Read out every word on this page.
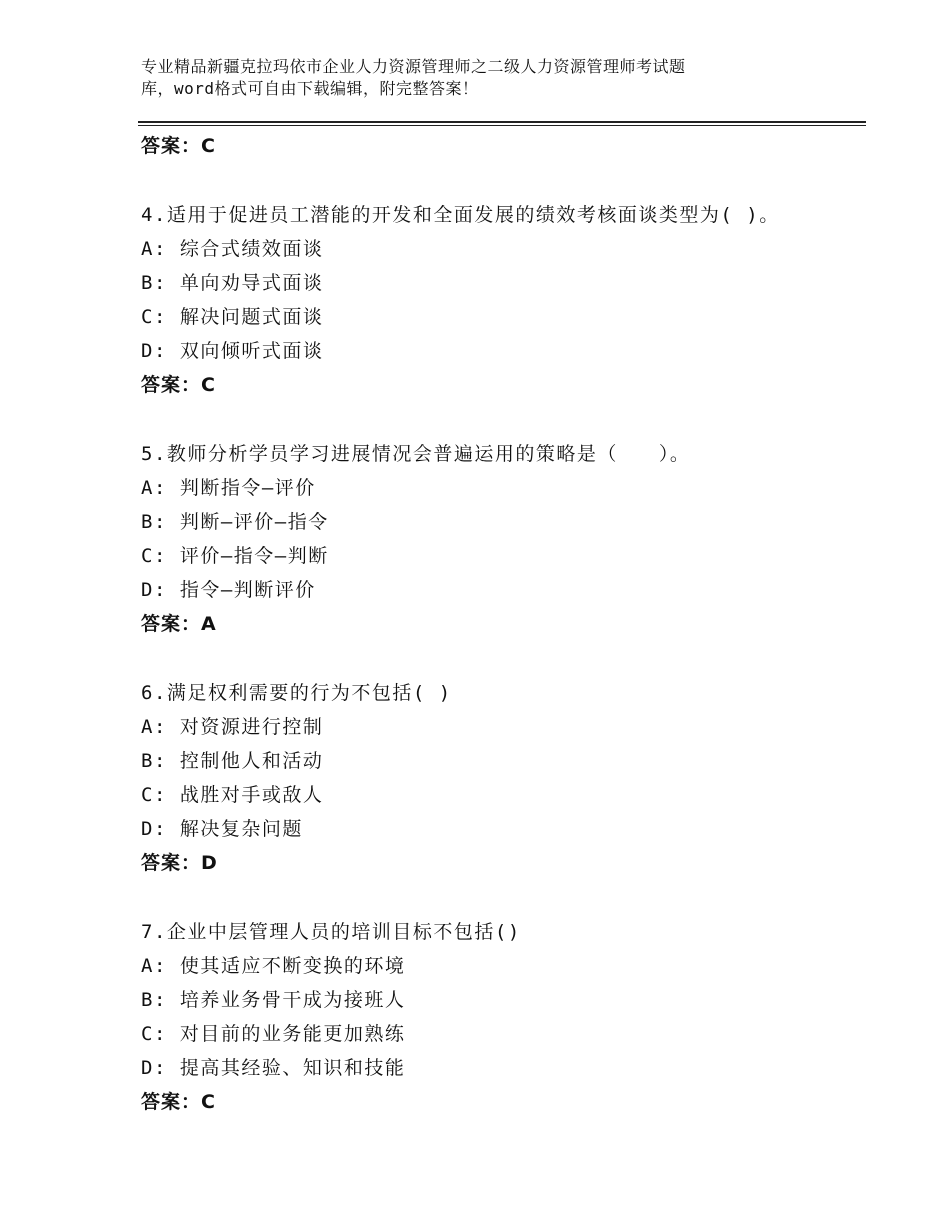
专业精品新疆克拉玛依市企业人力资源管理师之二级人力资源管理师考试题
库，word格式可自由下载编辑，附完整答案！
答案：C
4.适用于促进员工潜能的开发和全面发展的绩效考核面谈类型为( )。
A: 综合式绩效面谈
B: 单向劝导式面谈
C: 解决问题式面谈
D: 双向倾听式面谈
答案：C
5.教师分析学员学习进展情况会普遍运用的策略是（　　）。
A: 判断指令—评价
B: 判断—评价—指令
C: 评价—指令—判断
D: 指令—判断评价
答案：A
6.满足权利需要的行为不包括( )
A: 对资源进行控制
B: 控制他人和活动
C: 战胜对手或敌人
D: 解决复杂问题
答案：D
7.企业中层管理人员的培训目标不包括()
A: 使其适应不断变换的环境
B: 培养业务骨干成为接班人
C: 对目前的业务能更加熟练
D: 提高其经验、知识和技能
答案：C
